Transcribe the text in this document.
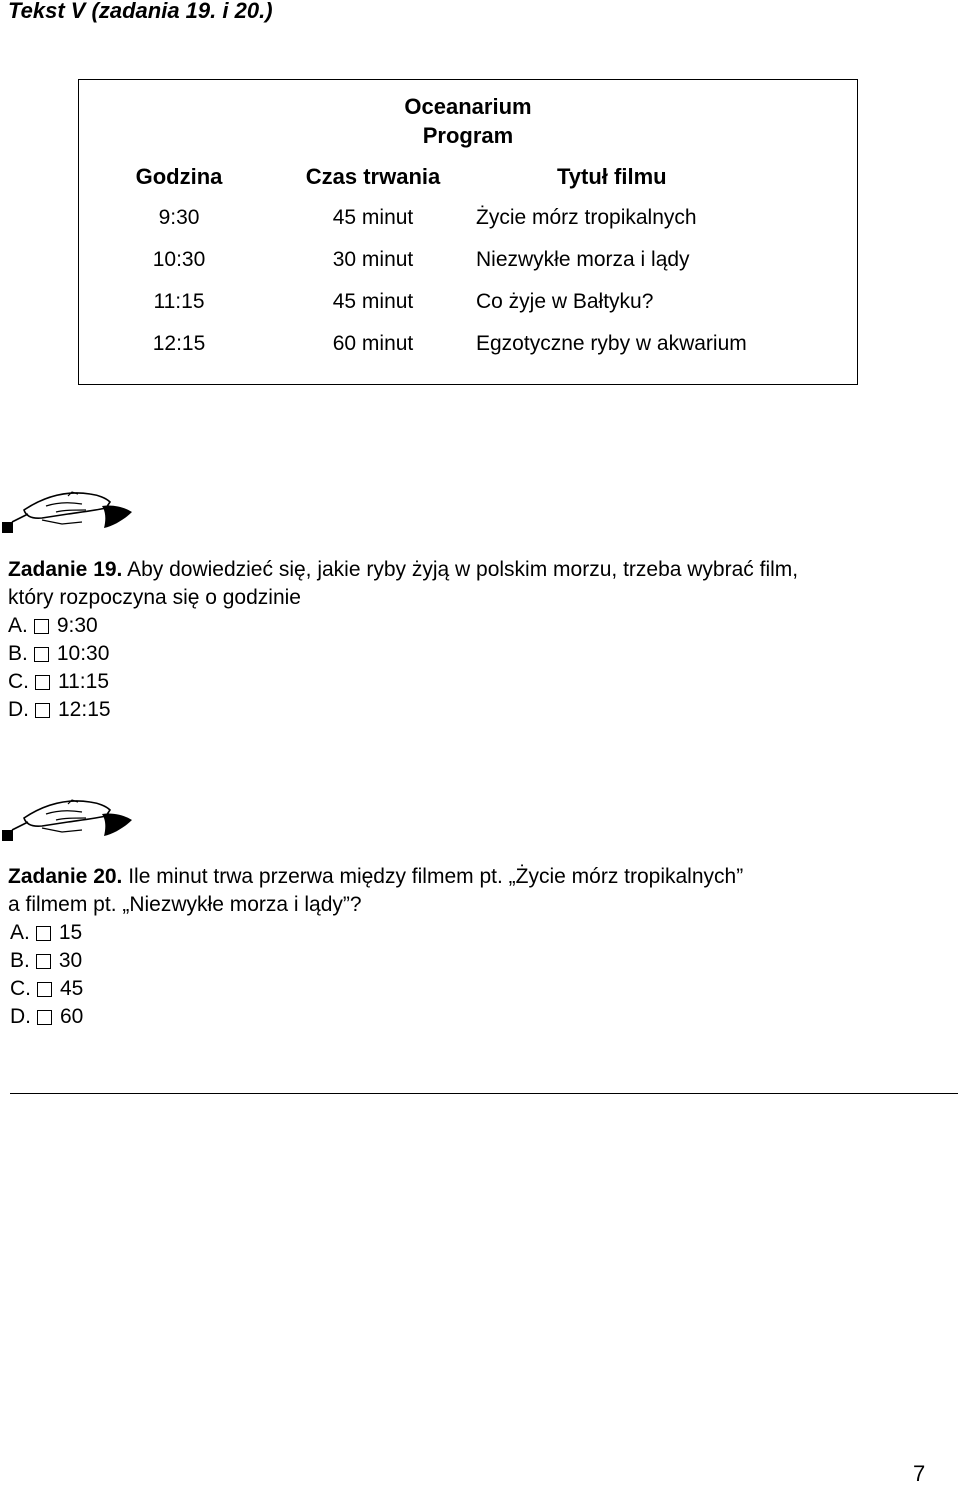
Tekst V (zadania 19. i 20.)
Oceanarium
Program
Godzina	Czas trwania	Tytuł filmu
9:30	45 minut	Życie mórz tropikalnych
10:30	30 minut	Niezwykłe morza i lądy
11:15	45 minut	Co żyje w Bałtyku?
12:15	60 minut	Egzotyczne ryby w akwarium
Zadanie 19. Aby dowiedzieć się, jakie ryby żyją w polskim morzu, trzeba wybrać film,
który rozpoczyna się o godzinie
A. 9:30
B. 10:30
C. 11:15
D. 12:15
Zadanie 20. Ile minut trwa przerwa między filmem pt. „Życie mórz tropikalnych”
a filmem pt. „Niezwykłe morza i lądy”?
A. 15
B. 30
C. 45
D. 60
7
